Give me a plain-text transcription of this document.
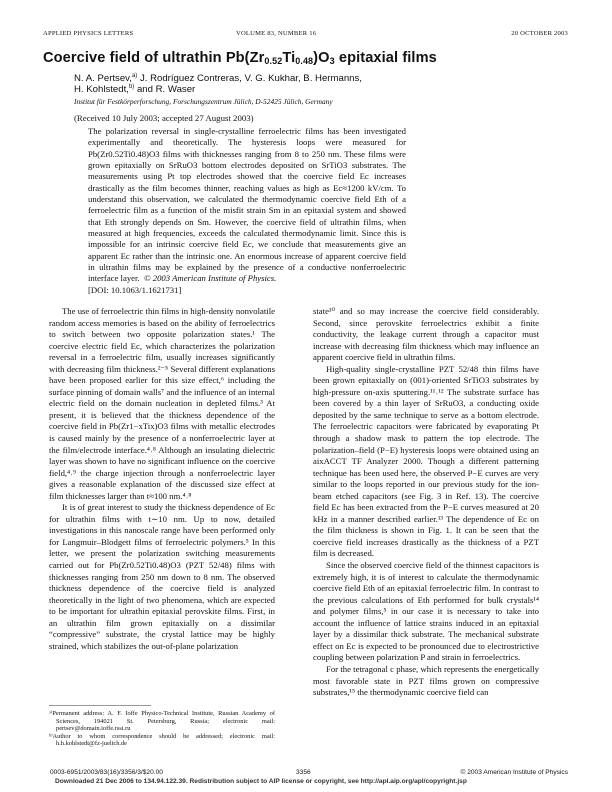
APPLIED PHYSICS LETTERS	VOLUME 83, NUMBER 16	20 OCTOBER 2003
Coercive field of ultrathin $Pb(Zr_{0.52}Ti_{0.48})O_3$ epitaxial films
N. A. Pertsev,$^{a)}$ J. Rodríguez Contreras, V. G. Kukhar, B. Hermanns,
H. Kohlstedt,$^{b)}$ and R. Waser
Institut für Festkörperforschung, Forschungszentrum Jülich, D-52425 Jülich, Germany
(Received 10 July 2003; accepted 27 August 2003)

The polarization reversal in single-crystalline ferroelectric films has been investigated experimentally and theoretically. The hysteresis loops were measured for Pb(Zr0.52Ti0.48)O3 films with thicknesses ranging from 8 to 250 nm. These films were grown epitaxially on SrRuO3 bottom electrodes deposited on SrTiO3 substrates. The measurements using Pt top electrodes showed that the coercive field Ec increases drastically as the film becomes thinner, reaching values as high as Ec≈1200 kV/cm. To understand this observation, we calculated the thermodynamic coercive field Eth of a ferroelectric film as a function of the misfit strain Sm in an epitaxial system and showed that Eth strongly depends on Sm. However, the coercive field of ultrathin films, when measured at high frequencies, exceeds the calculated thermodynamic limit. Since this is impossible for an intrinsic coercive field Ec, we conclude that measurements give an apparent Ec rather than the intrinsic one. An enormous increase of apparent coercive field in ultrathin films may be explained by the presence of a conductive nonferroelectric interface layer. © 2003 American Institute of Physics.
[DOI: 10.1063/1.1621731]

The use of ferroelectric thin films in high-density nonvolatile random access memories is based on the ability of ferroelectrics to switch between two opposite polarization states.¹ The coercive electric field Ec, which characterizes the polarization reversal in a ferroelectric film, usually increases significantly with decreasing film thickness.²⁻⁵ Several different explanations have been proposed earlier for this size effect,⁶ including the surface pinning of domain walls⁷ and the influence of an internal electric field on the domain nucleation in depleted films.³ At present, it is believed that the thickness dependence of the coercive field in Pb(Zr1−xTix)O3 films with metallic electrodes is caused mainly by the presence of a nonferroelectric layer at the film/electrode interface.⁴˒⁸ Although an insulating dielectric layer was shown to have no significant influence on the coercive field,⁴˒⁹ the charge injection through a nonferroelectric layer gives a reasonable explanation of the discussed size effect at film thicknesses larger than t≈100 nm.⁴˒⁸

It is of great interest to study the thickness dependence of Ec for ultrathin films with t∼10 nm. Up to now, detailed investigations in this nanoscale range have been performed only for Langmuir–Blodgett films of ferroelectric polymers.⁵ In this letter, we present the polarization switching measurements carried out for Pb(Zr0.52Ti0.48)O3 (PZT 52/48) films with thicknesses ranging from 250 nm down to 8 nm. The observed thickness dependence of the coercive field is analyzed theoretically in the light of two phenomena, which are expected to be important for ultrathin epitaxial perovskite films. First, in an ultrathin film grown epitaxially on a dissimilar “compressive” substrate, the crystal lattice may be highly strained, which stabilizes the out-of-plane polarization

state¹⁰ and so may increase the coercive field considerably. Second, since perovskite ferroelectrics exhibit a finite conductivity, the leakage current through a capacitor must increase with decreasing film thickness which may influence an apparent coercive field in ultrathin films.

High-quality single-crystalline PZT 52/48 thin films have been grown epitaxially on (001)-oriented SrTiO3 substrates by high-pressure on-axis sputtering.¹¹˒¹² The substrate surface has been covered by a thin layer of SrRuO3, a conducting oxide deposited by the same technique to serve as a bottom electrode. The ferroelectric capacitors were fabricated by evaporating Pt through a shadow mask to pattern the top electrode. The polarization–field (P−E) hysteresis loops were obtained using an aixACCT TF Analyzer 2000. Though a different patterning technique has been used here, the observed P−E curves are very similar to the loops reported in our previous study for the ion-beam etched capacitors (see Fig. 3 in Ref. 13). The coercive field Ec has been extracted from the P−E curves measured at 20 kHz in a manner described earlier.¹³ The dependence of Ec on the film thickness is shown in Fig. 1. It can be seen that the coercive field increases drastically as the thickness of a PZT film is decreased.

Since the observed coercive field of the thinnest capacitors is extremely high, it is of interest to calculate the thermodynamic coercive field Eth of an epitaxial ferroelectric film. In contrast to the previous calculations of Eth performed for bulk crystals¹⁴ and polymer films,⁵ in our case it is necessary to take into account the influence of lattice strains induced in an epitaxial layer by a dissimilar thick substrate. The mechanical substrate effect on Ec is expected to be pronounced due to electrostrictive coupling between polarization P and strain in ferroelectrics.

For the tetragonal c phase, which represents the energetically most favorable state in PZT films grown on compressive substrates,¹⁵ the thermodynamic coercive field can

ᵃ⁾Permanent address: A. F. Ioffe Physico-Technical Institute, Russian Academy of Sciences, 194021 St. Petersburg, Russia; electronic mail: pertsev@domain.ioffe.rssi.ru

ᵇ⁾Author to whom correspondence should be addressed; electronic mail: h.h.kohlstedt@fz-juelich.de

0003-6951/2003/83(16)/3356/3/$20.00	3356	© 2003 American Institute of Physics
Downloaded 21 Dec 2006 to 134.94.122.39. Redistribution subject to AIP license or copyright, see http://apl.aip.org/apl/copyright.jsp
